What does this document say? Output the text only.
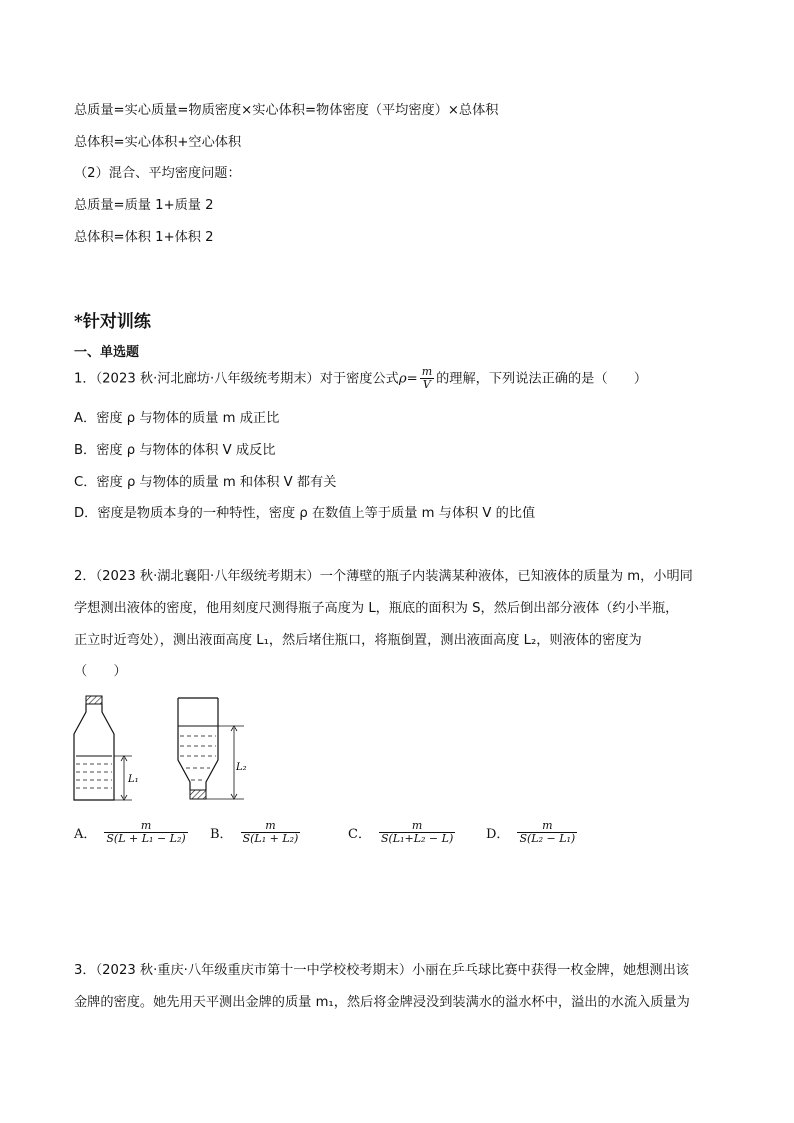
总质量=实心质量=物质密度×实心体积=物体密度（平均密度）×总体积
总体积=实心体积+空心体积
（2）混合、平均密度问题：
总质量=质量 1+质量 2
总体积=体积 1+体积 2
*针对训练
一、单选题
1．（2023 秋·河北廊坊·八年级统考期末）对于密度公式$\rho= \frac{m}{V}$ 的理解，下列说法正确的是（　　）
A．密度 ρ 与物体的质量 m 成正比
B．密度 ρ 与物体的体积 V 成反比
C．密度 ρ 与物体的质量 m 和体积 V 都有关
D．密度是物质本身的一种特性，密度 ρ 在数值上等于质量 m 与体积 V 的比值
2．（2023 秋·湖北襄阳·八年级统考期末）一个薄壁的瓶子内装满某种液体，已知液体的质量为 m，小明同
学想测出液体的密度，他用刻度尺测得瓶子高度为 L，瓶底的面积为 S，然后倒出部分液体（约小半瓶，
正立时近弯处），测出液面高度 L₁，然后堵住瓶口，将瓶倒置，测出液面高度 L₂，则液体的密度为
（　　）
L₁
L₂
A． $\frac{m}{\text{S(L + L₁ − L₂)}}$ B． $\frac{m}{\text{S(L₁ + L₂)}}$	C． $\frac{m}{\text{S(L₁+L₂ − L)}}$ D． $\frac{m}{\text{S(L₂ − L₁)}}$
3．（2023 秋·重庆·八年级重庆市第十一中学校校考期末）小丽在乒乓球比赛中获得一枚金牌，她想测出该
金牌的密度。她先用天平测出金牌的质量 m₁，然后将金牌浸没到装满水的溢水杯中，溢出的水流入质量为
